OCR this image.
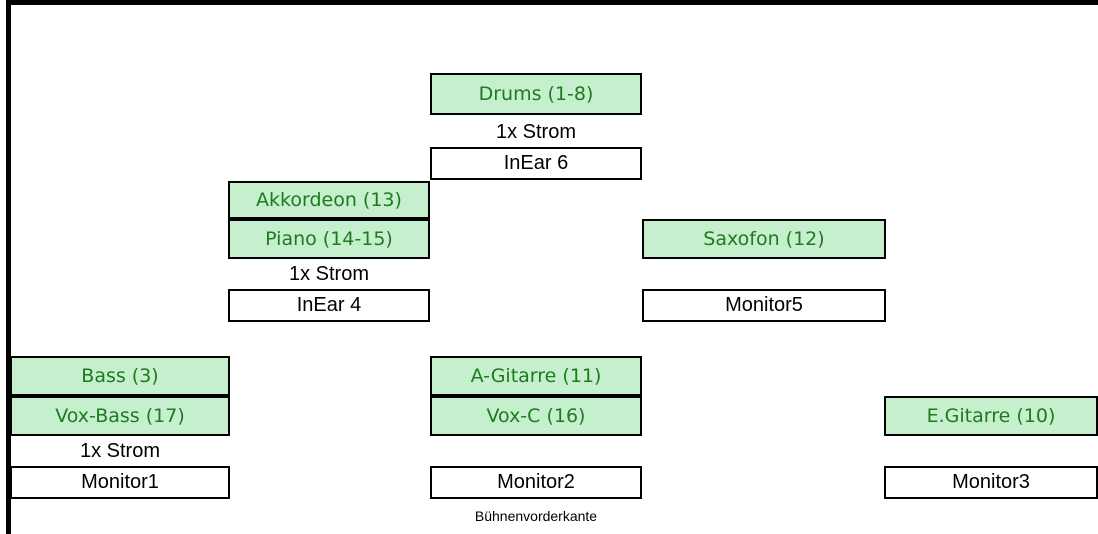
Drums (1-8)
1x Strom
InEar 6
Akkordeon (13)
Piano (14-15)
1x Strom
InEar 4
Saxofon (12)
Monitor5
Bass (3)
Vox-Bass (17)
1x Strom
Monitor1
A-Gitarre (11)
Vox-C (16)
Monitor2
E.Gitarre (10)
Monitor3
Bühnenvorderkante
